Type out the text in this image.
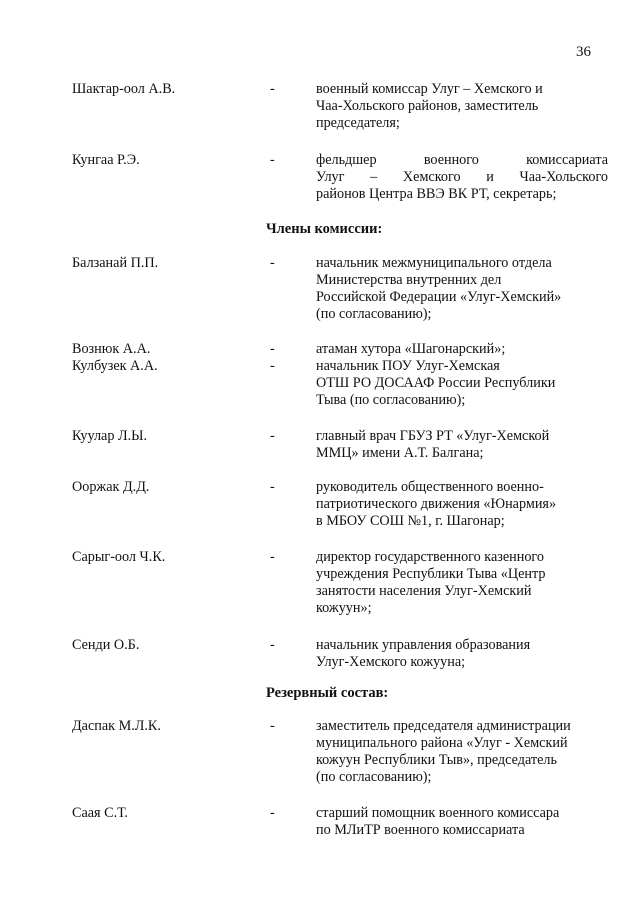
36
Шактар-оол А.В.	-	военный комиссар Улуг – Хемского и
Чаа-Хольского районов, заместитель
председателя;
Кунгаа Р.Э.	-	фельдшер военного комиссариата
Улуг – Хемского и Чаа-Хольского
районов Центра ВВЭ ВК РТ, секретарь;
Члены комиссии:
Балзанай П.П.	-	начальник межмуниципального отдела
Министерства внутренних дел
Российской Федерации «Улуг-Хемский»
(по согласованию);
Вознюк А.А.	-	атаман хутора «Шагонарский»;
Кулбузек А.А.	-	начальник ПОУ Улуг-Хемская
ОТШ РО ДОСААФ России Республики
Тыва (по согласованию);
Куулар Л.Ы.	-	главный врач ГБУЗ РТ «Улуг-Хемской
ММЦ» имени А.Т. Балгана;
Ооржак Д.Д.	-	руководитель общественного военно-
патриотического движения «Юнармия»
в МБОУ СОШ №1, г. Шагонар;
Сарыг-оол Ч.К.	-	директор государственного казенного
учреждения Республики Тыва «Центр
занятости населения Улуг-Хемский
кожуун»;
Сенди О.Б.	-	начальник управления образования
Улуг-Хемского кожууна;
Резервный состав:
Даспак М.Л.К.	-	заместитель председателя администрации
муниципального района «Улуг - Хемский
кожуун Республики Тыв», председатель
(по согласованию);
Саая С.Т.	-	старший помощник военного комиссара
по МЛиТР военного комиссариата
